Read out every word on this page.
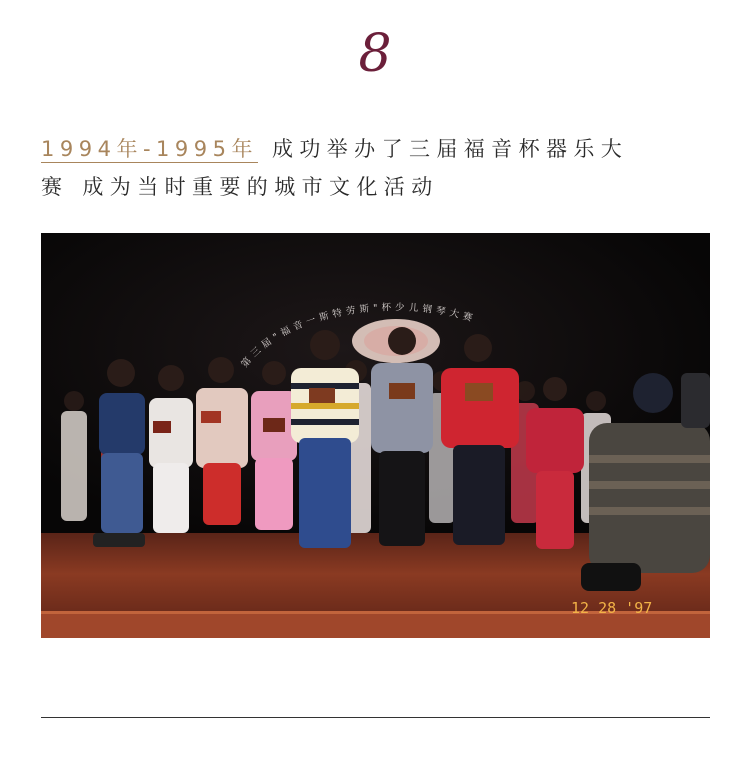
8
1994年-1995年 成功举办了三届福音杯器乐大
赛 成为当时重要的城市文化活动
第三届"福音一斯特劳斯"杯少儿钢琴大赛
12 28 '97
